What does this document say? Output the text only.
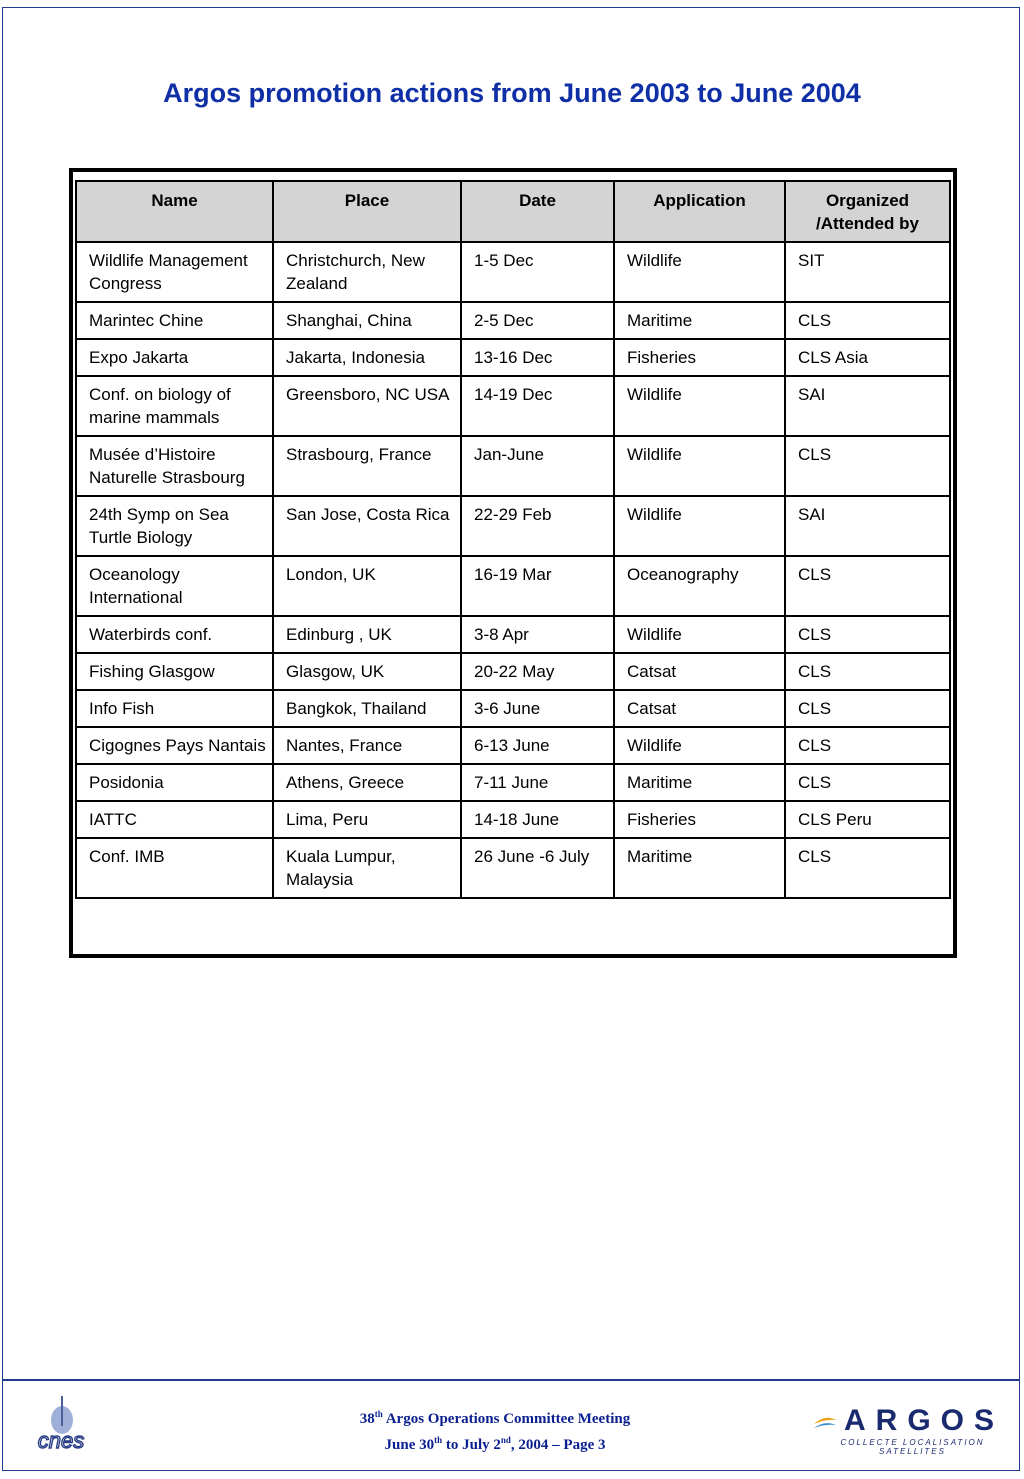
Argos promotion actions from June 2003 to June 2004
Name	Place	Date	Application	Organized /Attended by
Wildlife Management Congress	Christchurch, New Zealand	1-5 Dec	Wildlife	SIT
Marintec Chine	Shanghai, China	2-5 Dec	Maritime	CLS
Expo Jakarta	Jakarta, Indonesia	13-16 Dec	Fisheries	CLS Asia
Conf. on biology of marine mammals	Greensboro, NC USA	14-19 Dec	Wildlife	SAI
Musée d’Histoire Naturelle Strasbourg	Strasbourg, France	Jan-June	Wildlife	CLS
24th Symp on Sea Turtle Biology	San Jose, Costa Rica	22-29 Feb	Wildlife	SAI
Oceanology International	London, UK	16-19 Mar	Oceanography	CLS
Waterbirds conf.	Edinburg , UK	3-8 Apr	Wildlife	CLS
Fishing Glasgow	Glasgow, UK	20-22 May	Catsat	CLS
Info Fish	Bangkok, Thailand	3-6 June	Catsat	CLS
Cigognes Pays Nantais	Nantes, France	6-13 June	Wildlife	CLS
Posidonia	Athens, Greece	7-11 June	Maritime	CLS
IATTC	Lima, Peru	14-18 June	Fisheries	CLS Peru
Conf. IMB	Kuala Lumpur, Malaysia	26 June -6 July	Maritime	CLS
cnes
38th Argos Operations Committee Meeting
June 30th to July 2nd, 2004 – Page 3
ARGOS
COLLECTE LOCALISATION SATELLITES
